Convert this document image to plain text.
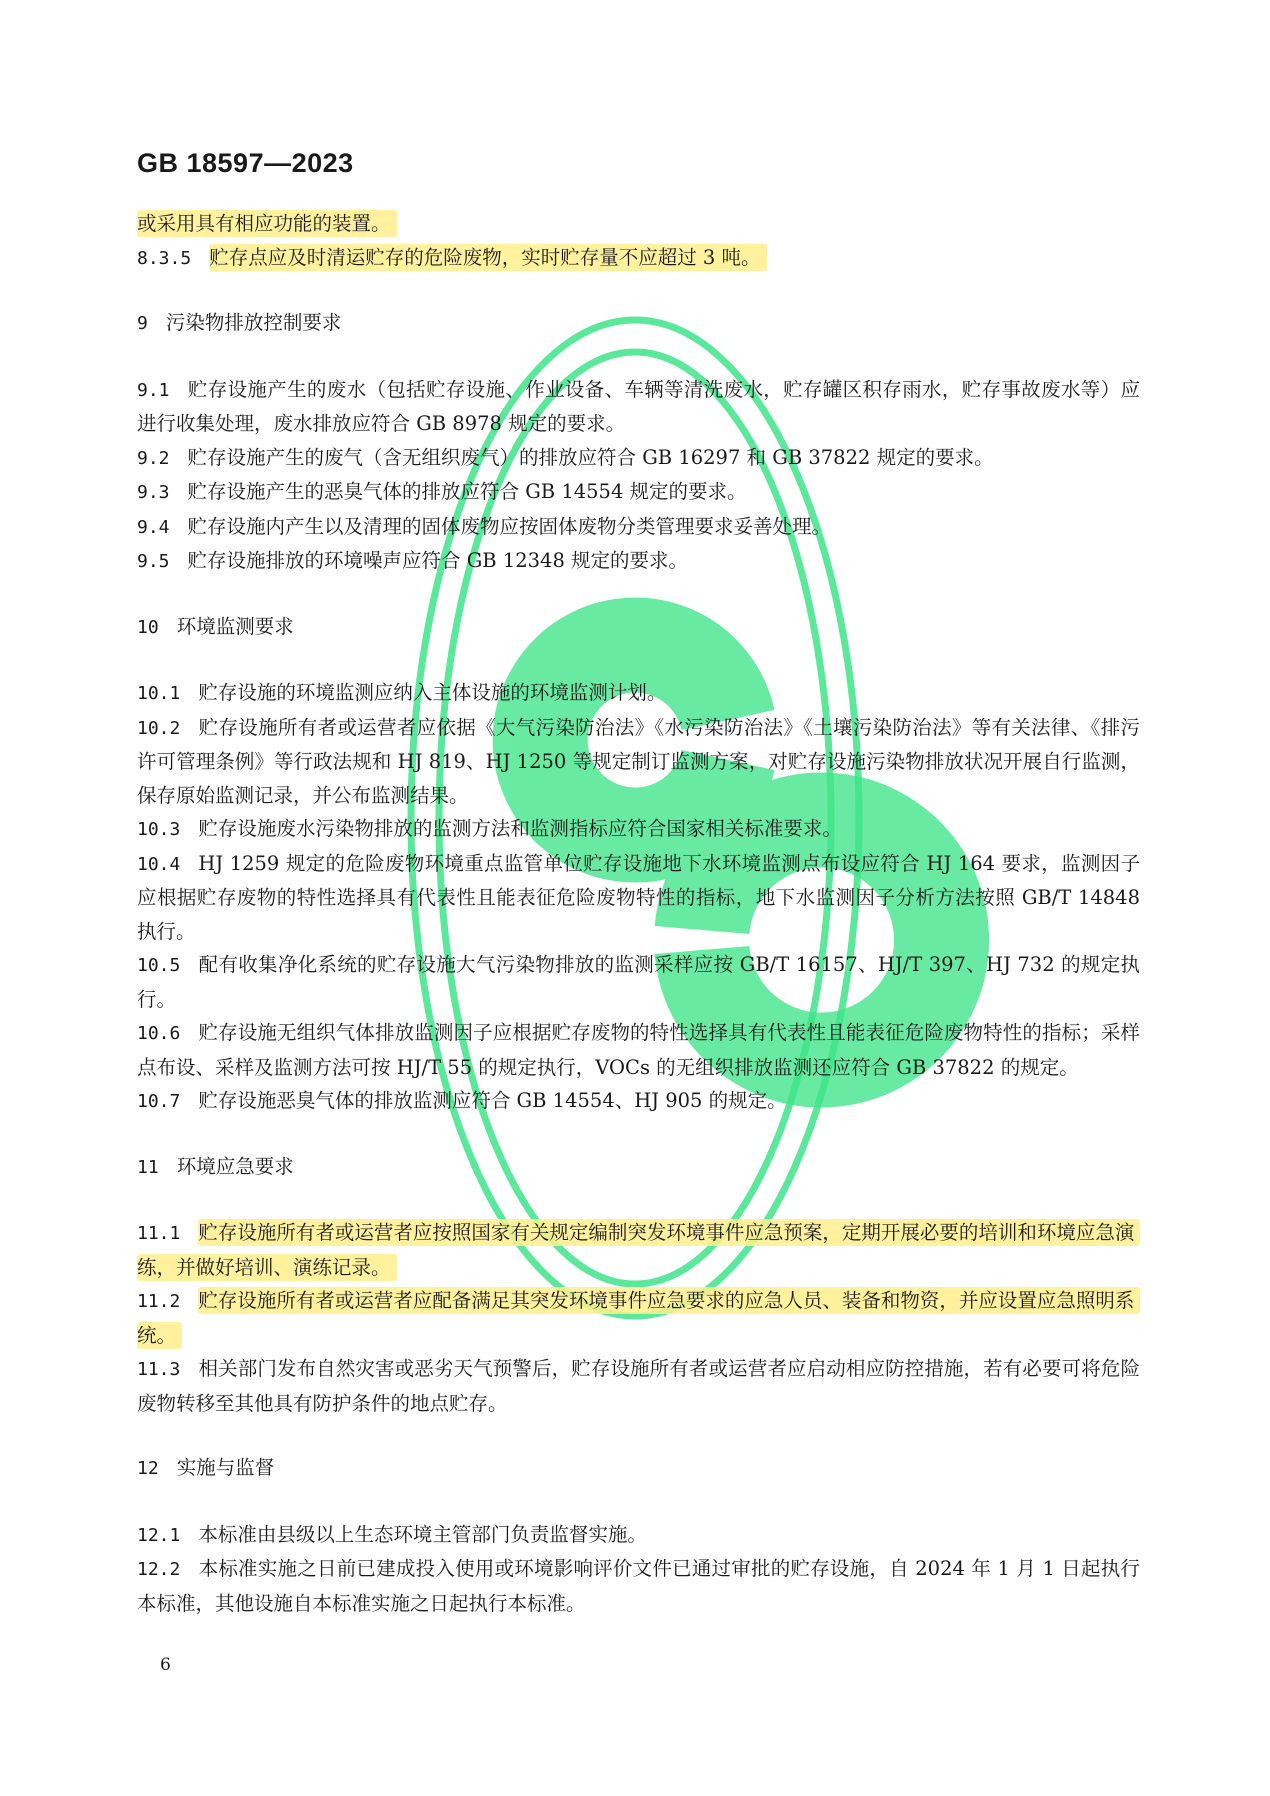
GB 18597—2023

或采用具有相应功能的装置。

8.3.5 贮存点应及时清运贮存的危险废物，实时贮存量不应超过 3 吨。

9 污染物排放控制要求

9.1 贮存设施产生的废水（包括贮存设施、作业设备、车辆等清洗废水，贮存罐区积存雨水，贮存事故废水等）应进行收集处理，废水排放应符合 GB 8978 规定的要求。

9.2 贮存设施产生的废气（含无组织废气）的排放应符合 GB 16297 和 GB 37822 规定的要求。

9.3 贮存设施产生的恶臭气体的排放应符合 GB 14554 规定的要求。

9.4 贮存设施内产生以及清理的固体废物应按固体废物分类管理要求妥善处理。

9.5 贮存设施排放的环境噪声应符合 GB 12348 规定的要求。

10 环境监测要求

10.1 贮存设施的环境监测应纳入主体设施的环境监测计划。

10.2 贮存设施所有者或运营者应依据《大气污染防治法》《水污染防治法》《土壤污染防治法》等有关法律、《排污许可管理条例》等行政法规和 HJ 819、HJ 1250 等规定制订监测方案，对贮存设施污染物排放状况开展自行监测，保存原始监测记录，并公布监测结果。

10.3 贮存设施废水污染物排放的监测方法和监测指标应符合国家相关标准要求。

10.4 HJ 1259 规定的危险废物环境重点监管单位贮存设施地下水环境监测点布设应符合 HJ 164 要求，监测因子应根据贮存废物的特性选择具有代表性且能表征危险废物特性的指标，地下水监测因子分析方法按照 GB/T 14848 执行。

10.5 配有收集净化系统的贮存设施大气污染物排放的监测采样应按 GB/T 16157、HJ/T 397、HJ 732 的规定执行。

10.6 贮存设施无组织气体排放监测因子应根据贮存废物的特性选择具有代表性且能表征危险废物特性的指标；采样点布设、采样及监测方法可按 HJ/T 55 的规定执行，VOCs 的无组织排放监测还应符合 GB 37822 的规定。

10.7 贮存设施恶臭气体的排放监测应符合 GB 14554、HJ 905 的规定。

11 环境应急要求

11.1 贮存设施所有者或运营者应按照国家有关规定编制突发环境事件应急预案，定期开展必要的培训和环境应急演练，并做好培训、演练记录。

11.2 贮存设施所有者或运营者应配备满足其突发环境事件应急要求的应急人员、装备和物资，并应设置应急照明系统。

11.3 相关部门发布自然灾害或恶劣天气预警后，贮存设施所有者或运营者应启动相应防控措施，若有必要可将危险废物转移至其他具有防护条件的地点贮存。

12 实施与监督

12.1 本标准由县级以上生态环境主管部门负责监督实施。

12.2 本标准实施之日前已建成投入使用或环境影响评价文件已通过审批的贮存设施，自 2024 年 1 月 1 日起执行本标准，其他设施自本标准实施之日起执行本标准。

6
